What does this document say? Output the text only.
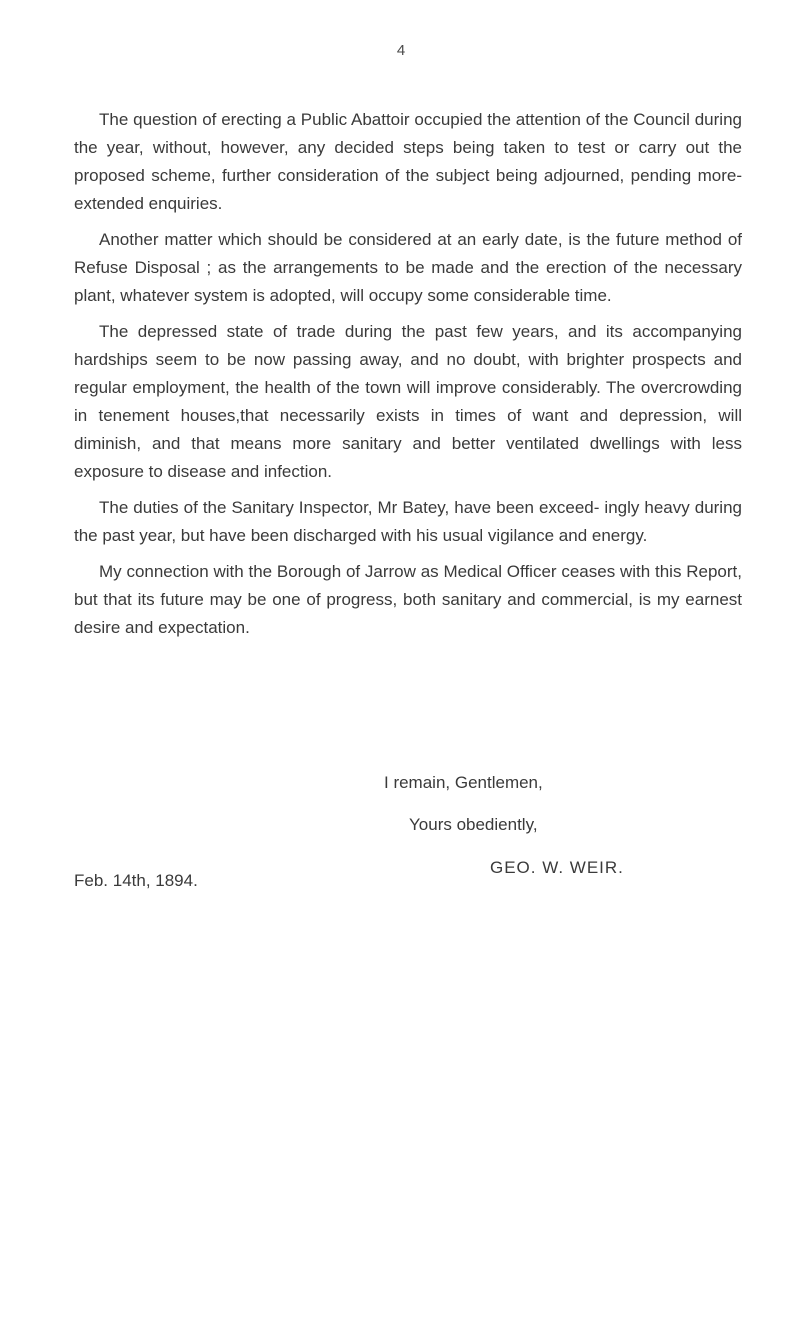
4

The question of erecting a Public Abattoir occupied the attention of the Council during the year, without, however, any decided steps being taken to test or carry out the proposed scheme, further consideration of the subject being adjourned, pending more-extended enquiries.

Another matter which should be considered at an early date, is the future method of Refuse Disposal ; as the arrangements to be made and the erection of the necessary plant, whatever system is adopted, will occupy some considerable time.

The depressed state of trade during the past few years, and its accompanying hardships seem to be now passing away, and no doubt, with brighter prospects and regular employment, the health of the town will improve considerably. The overcrowding in tenement houses,that necessarily exists in times of want and depression, will diminish, and that means more sanitary and better ventilated dwellings with less exposure to disease and infection.

The duties of the Sanitary Inspector, Mr Batey, have been exceed- ingly heavy during the past year, but have been discharged with his usual vigilance and energy.

My connection with the Borough of Jarrow as Medical Officer ceases with this Report, but that its future may be one of progress, both sanitary and commercial, is my earnest desire and expectation.

I remain, Gentlemen,
Yours obediently,
GEO. W. WEIR.
Feb. 14th, 1894.
